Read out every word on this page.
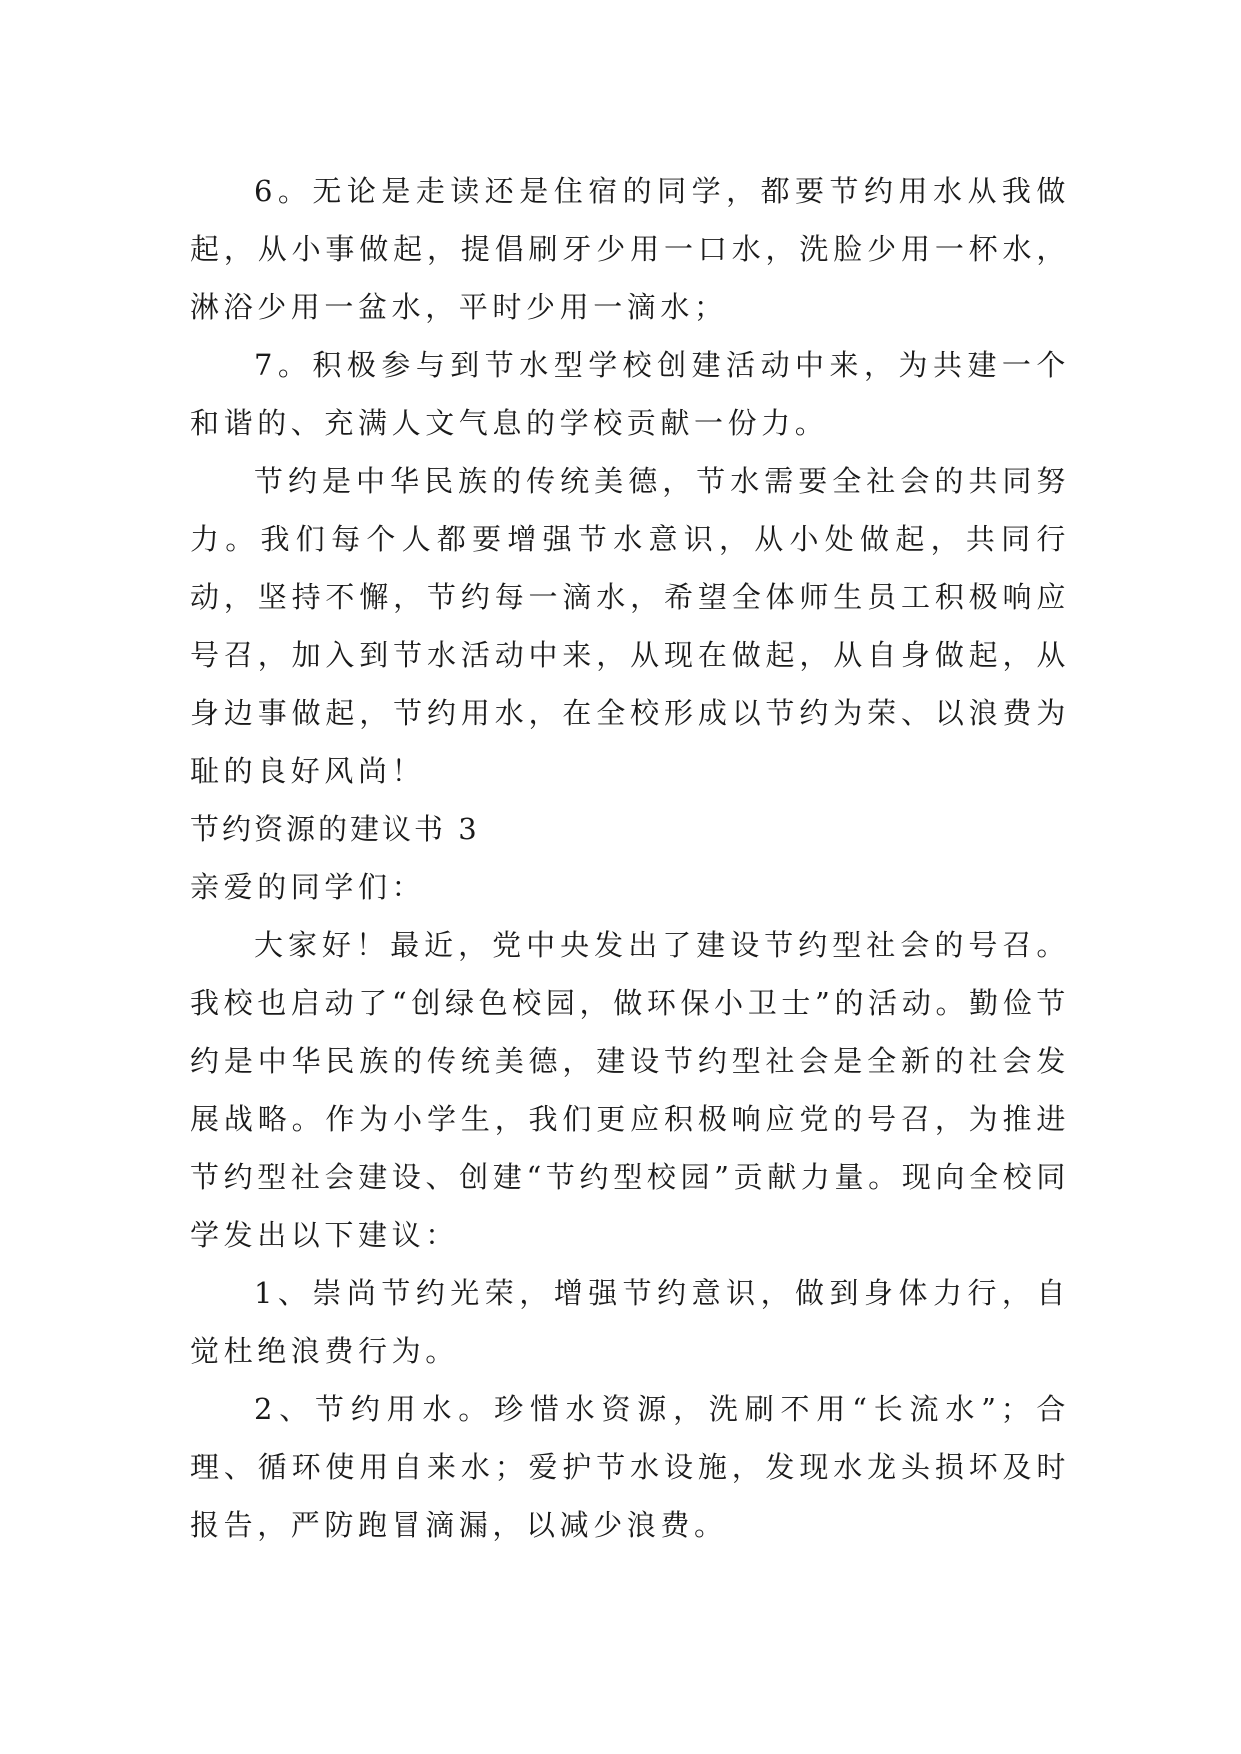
6。无论是走读还是住宿的同学，都要节约用水从我做起，从小事做起，提倡刷牙少用一口水，洗脸少用一杯水，淋浴少用一盆水，平时少用一滴水；

7。积极参与到节水型学校创建活动中来，为共建一个和谐的、充满人文气息的学校贡献一份力。

节约是中华民族的传统美德，节水需要全社会的共同努力。我们每个人都要增强节水意识，从小处做起，共同行动，坚持不懈，节约每一滴水，希望全体师生员工积极响应号召，加入到节水活动中来，从现在做起，从自身做起，从身边事做起，节约用水，在全校形成以节约为荣、以浪费为耻的良好风尚！

节约资源的建议书 3

亲爱的同学们：

大家好！最近，党中央发出了建设节约型社会的号召。我校也启动了“创绿色校园，做环保小卫士”的活动。勤俭节约是中华民族的传统美德，建设节约型社会是全新的社会发展战略。作为小学生，我们更应积极响应党的号召，为推进节约型社会建设、创建“节约型校园”贡献力量。现向全校同学发出以下建议：

1、崇尚节约光荣，增强节约意识，做到身体力行，自觉杜绝浪费行为。

2、节约用水。珍惜水资源，洗刷不用“长流水”；合理、循环使用自来水；爱护节水设施，发现水龙头损坏及时报告，严防跑冒滴漏，以减少浪费。
